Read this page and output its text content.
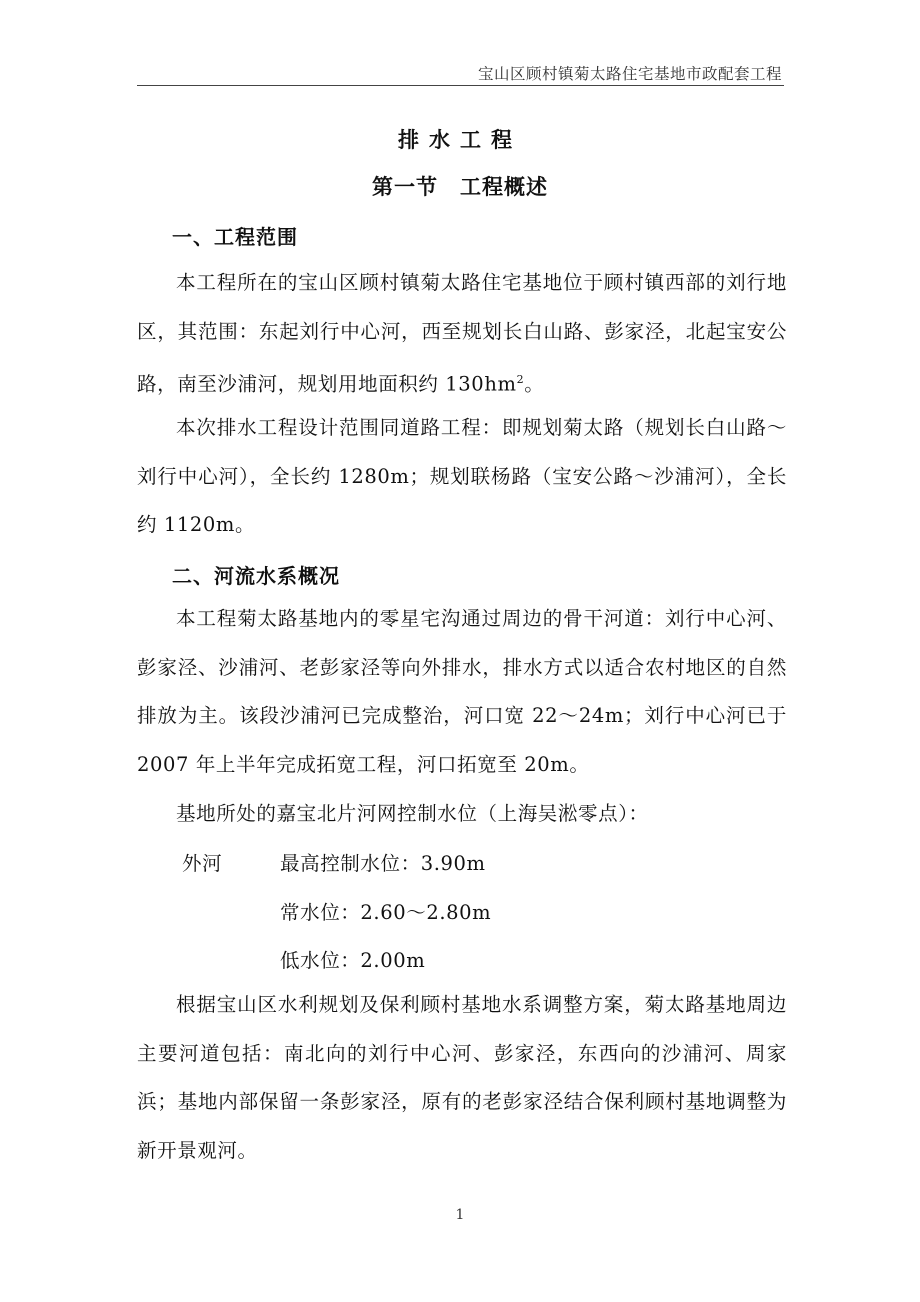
宝山区顾村镇菊太路住宅基地市政配套工程
排水工程
第一节　工程概述
一、工程范围
本工程所在的宝山区顾村镇菊太路住宅基地位于顾村镇西部的刘行地区，其范围：东起刘行中心河，西至规划长白山路、彭家泾，北起宝安公路，南至沙浦河，规划用地面积约 $130hm^2$。
本次排水工程设计范围同道路工程：即规划菊太路（规划长白山路～刘行中心河），全长约 1280m；规划联杨路（宝安公路～沙浦河），全长约 1120m。
二、河流水系概况
本工程菊太路基地内的零星宅沟通过周边的骨干河道：刘行中心河、彭家泾、沙浦河、老彭家泾等向外排水，排水方式以适合农村地区的自然排放为主。该段沙浦河已完成整治，河口宽 22～24m；刘行中心河已于 2007 年上半年完成拓宽工程，河口拓宽至 20m。
基地所处的嘉宝北片河网控制水位（上海吴淞零点）：
外河	最高控制水位：3.90m
常水位：2.60～2.80m
低水位：2.00m
根据宝山区水利规划及保利顾村基地水系调整方案，菊太路基地周边主要河道包括：南北向的刘行中心河、彭家泾，东西向的沙浦河、周家浜；基地内部保留一条彭家泾，原有的老彭家泾结合保利顾村基地调整为新开景观河。
1
